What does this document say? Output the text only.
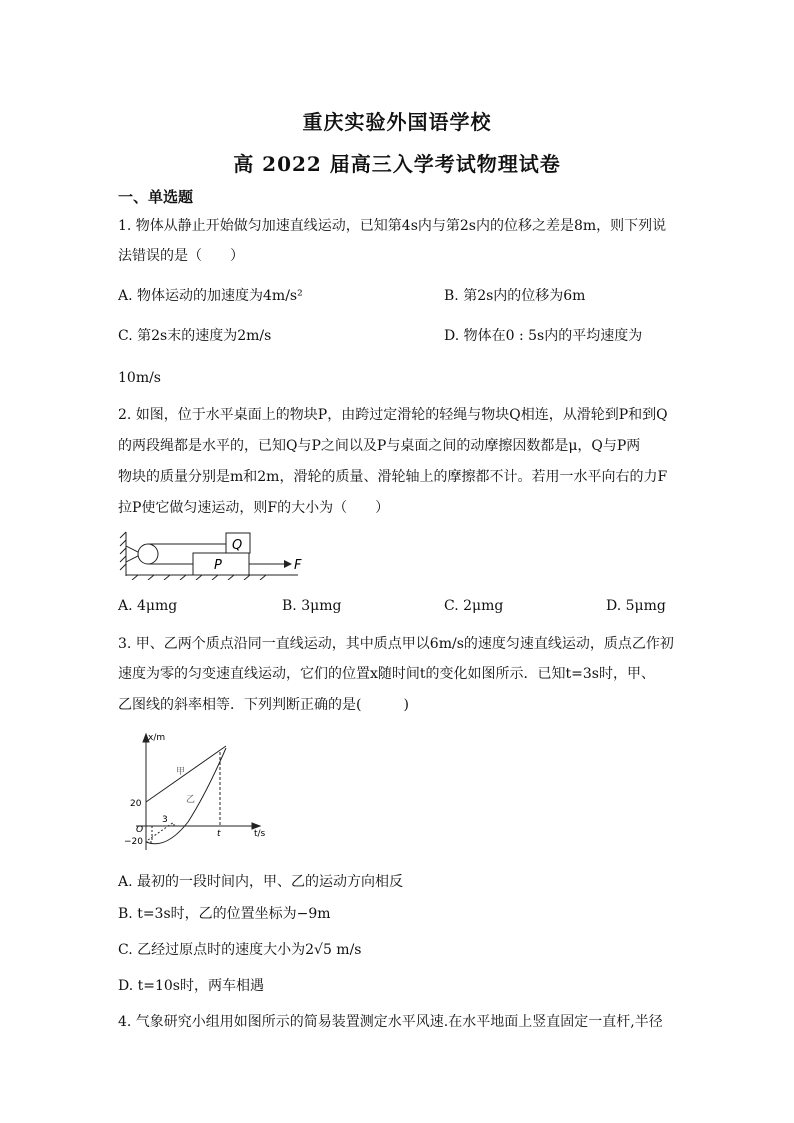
重庆实验外国语学校
高 2022 届高三入学考试物理试卷
一、单选题
1. 物体从静止开始做匀加速直线运动，已知第4s内与第2s内的位移之差是8m，则下列说
法错误的是（　　）
A. 物体运动的加速度为4m/s²	B. 第2s内的位移为6m
C. 第2s末的速度为2m/s	D. 物体在0 : 5s内的平均速度为
10m/s
2. 如图，位于水平桌面上的物块P，由跨过定滑轮的轻绳与物块Q相连，从滑轮到P和到Q
的两段绳都是水平的，已知Q与P之间以及P与桌面之间的动摩擦因数都是μ，Q与P两
物块的质量分别是m和2m，滑轮的质量、滑轮轴上的摩擦都不计。若用一水平向右的力F
拉P使它做匀速运动，则F的大小为（　　）
Q
P	F
A. 4μmg	B. 3μmg	C. 2μmg	D. 5μmg
3. 甲、乙两个质点沿同一直线运动，其中质点甲以6m/s的速度匀速直线运动，质点乙作初
速度为零的匀变速直线运动，它们的位置x随时间t的变化如图所示．已知t=3s时，甲、
乙图线的斜率相等．下列判断正确的是(　　　)
x/m
t/s
O
20
−20
3
t
甲
乙
A. 最初的一段时间内，甲、乙的运动方向相反
B. t=3s时，乙的位置坐标为−9m
C. 乙经过原点时的速度大小为2√5 m/s
D. t=10s时，两车相遇
4. 气象研究小组用如图所示的简易装置测定水平风速.在水平地面上竖直固定一直杆,半径
